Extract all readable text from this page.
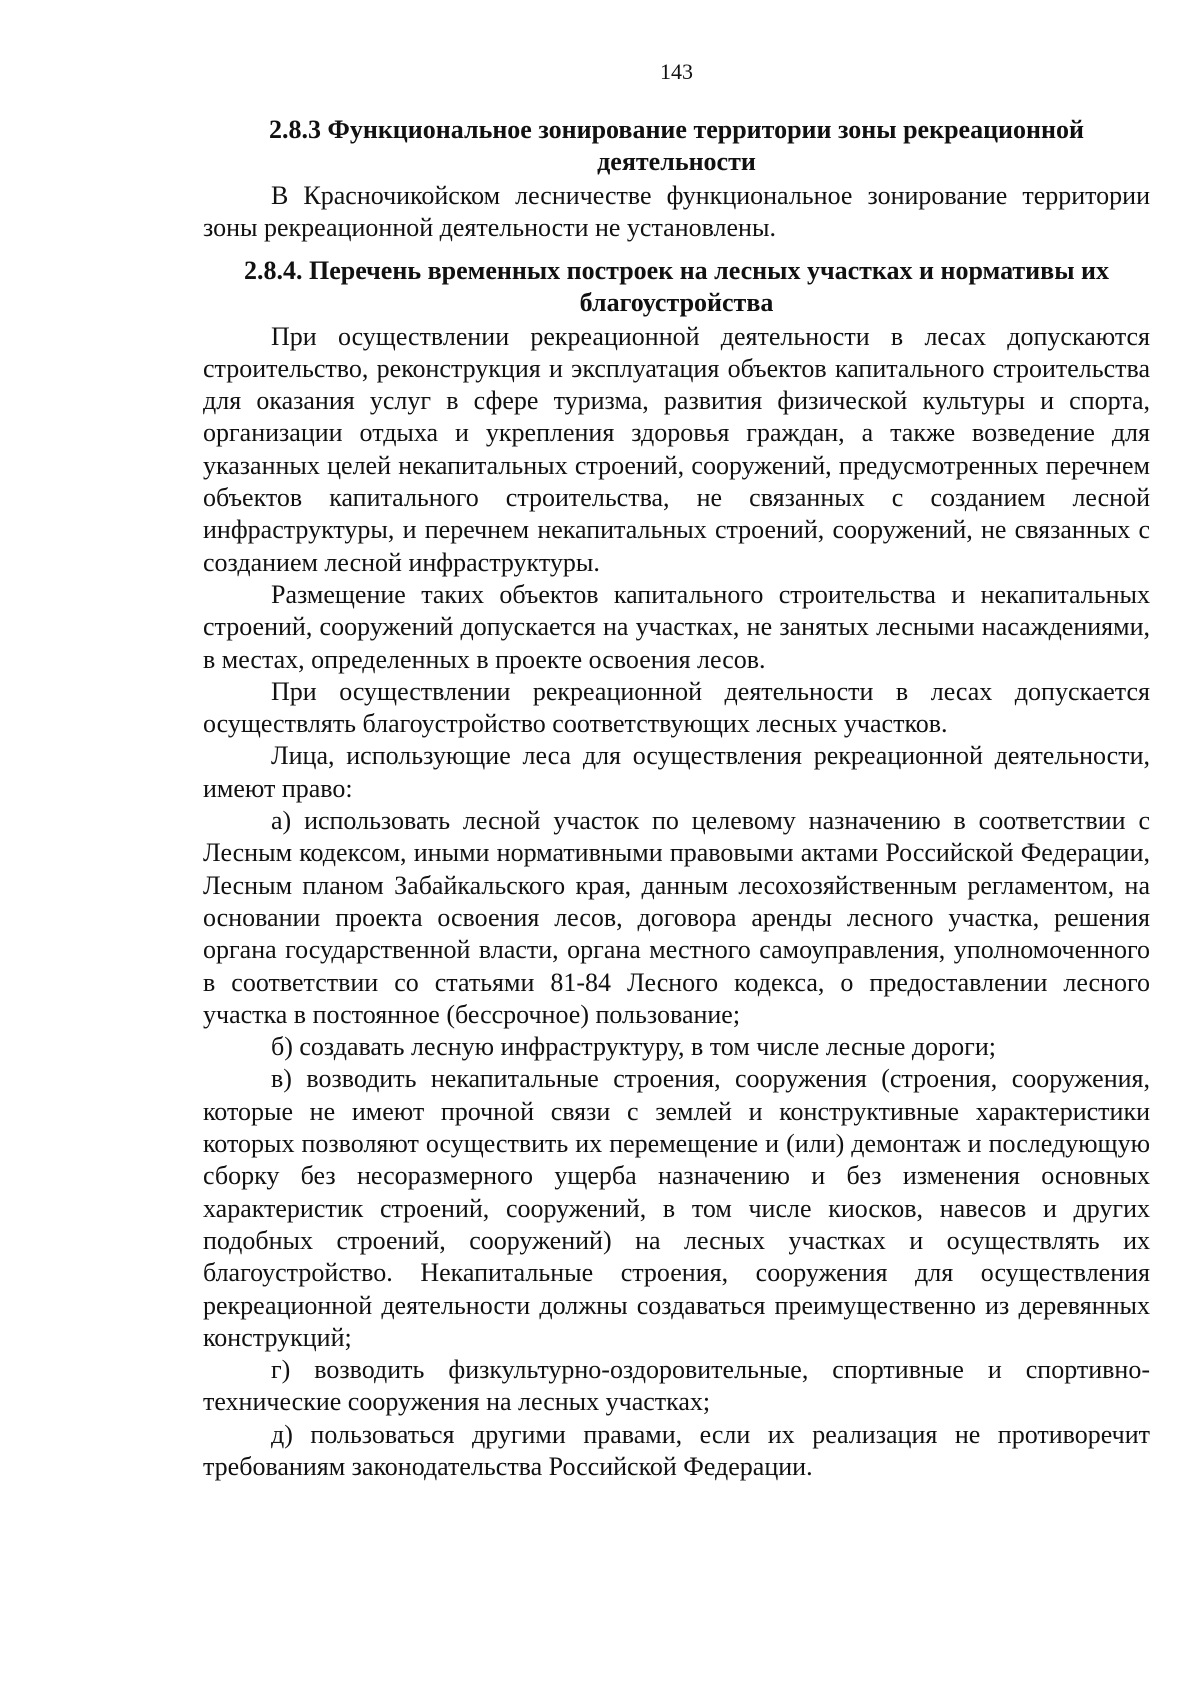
143
2.8.3 Функциональное зонирование территории зоны рекреационной деятельности

В Красночикойском лесничестве функциональное зонирование территории зоны рекреационной деятельности не установлены.

2.8.4. Перечень временных построек на лесных участках и нормативы их благоустройства

При осуществлении рекреационной деятельности в лесах допускаются строительство, реконструкция и эксплуатация объектов капитального строительства для оказания услуг в сфере туризма, развития физической культуры и спорта, организации отдыха и укрепления здоровья граждан, а также возведение для указанных целей некапитальных строений, сооружений, предусмотренных перечнем объектов капитального строительства, не связанных с созданием лесной инфраструктуры, и перечнем некапитальных строений, сооружений, не связанных с созданием лесной инфраструктуры.

Размещение таких объектов капитального строительства и некапитальных строений, сооружений допускается на участках, не занятых лесными насаждениями, в местах, определенных в проекте освоения лесов.

При осуществлении рекреационной деятельности в лесах допускается осуществлять благоустройство соответствующих лесных участков.

Лица, использующие леса для осуществления рекреационной деятельности, имеют право:

а) использовать лесной участок по целевому назначению в соответствии с Лесным кодексом, иными нормативными правовыми актами Российской Федерации, Лесным планом Забайкальского края, данным лесохозяйственным регламентом, на основании проекта освоения лесов, договора аренды лесного участка, решения органа государственной власти, органа местного самоуправления, уполномоченного в соответствии со статьями 81-84 Лесного кодекса, о предоставлении лесного участка в постоянное (бессрочное) пользование;

б) создавать лесную инфраструктуру, в том числе лесные дороги;

в) возводить некапитальные строения, сооружения (строения, сооружения, которые не имеют прочной связи с землей и конструктивные характеристики которых позволяют осуществить их перемещение и (или) демонтаж и последующую сборку без несоразмерного ущерба назначению и без изменения основных характеристик строений, сооружений, в том числе киосков, навесов и других подобных строений, сооружений) на лесных участках и осуществлять их благоустройство. Некапитальные строения, сооружения для осуществления рекреационной деятельности должны создаваться преимущественно из деревянных конструкций;

г) возводить физкультурно-оздоровительные, спортивные и спортивно-технические сооружения на лесных участках;

д) пользоваться другими правами, если их реализация не противоречит требованиям законодательства Российской Федерации.
